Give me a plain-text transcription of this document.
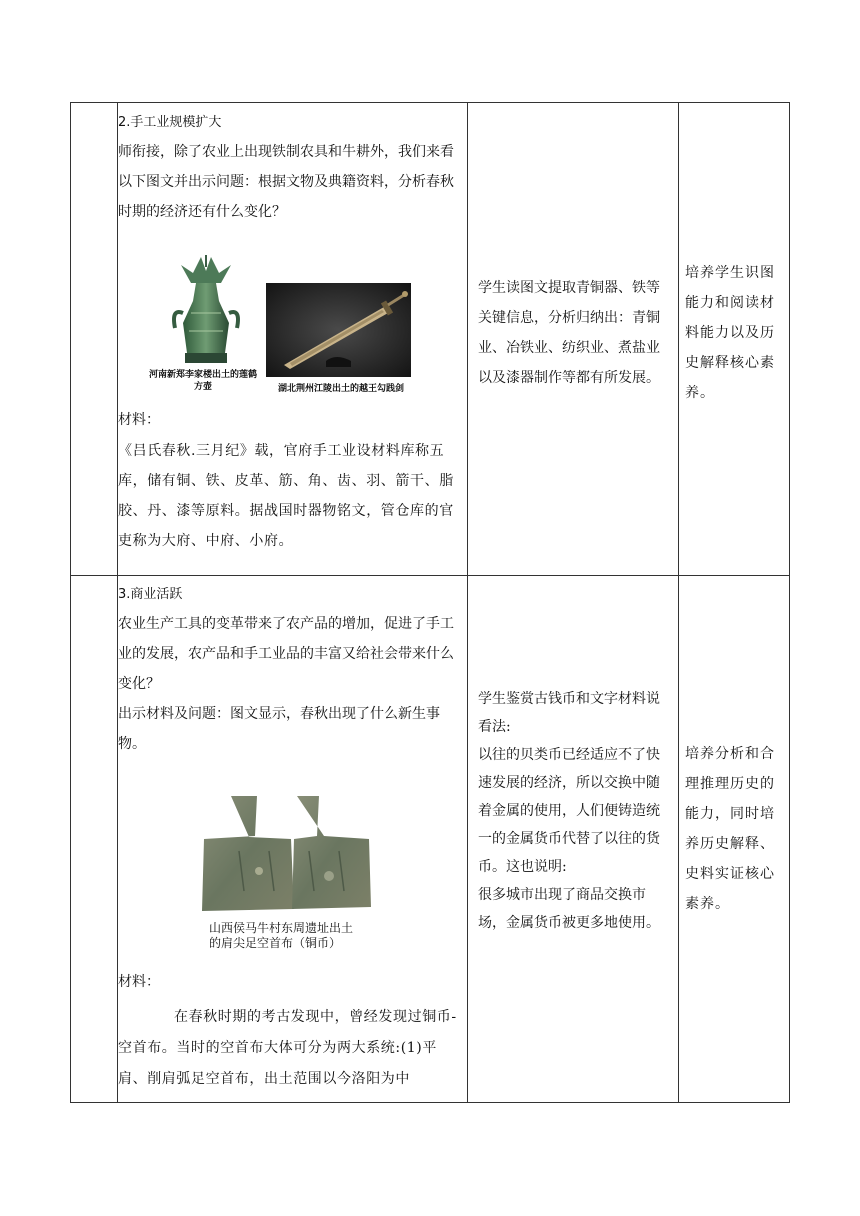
2.手工业规模扩大

师衔接，除了农业上出现铁制农具和牛耕外，我们来看以下图文并出示问题：根据文物及典籍资料，分析春秋时期的经济还有什么变化？

河南新郑李家楼出土的莲鹤方壶	湖北荆州江陵出土的越王勾践剑

材料：

《吕氏春秋.三月纪》载，官府手工业设材料库称五库，储有铜、铁、皮革、筋、角、齿、羽、箭干、脂胶、丹、漆等原料。据战国时器物铭文，管仓库的官吏称为大府、中府、小府。

学生读图文提取青铜器、铁等关键信息，分析归纳出：青铜业、冶铁业、纺织业、煮盐业以及漆器制作等都有所发展。
培养学生识图能力和阅读材料能力以及历史解释核心素养。

3.商业活跃

农业生产工具的变革带来了农产品的增加，促进了手工业的发展，农产品和手工业品的丰富又给社会带来什么变化？

出示材料及问题：图文显示，春秋出现了什么新生事物。

山西侯马牛村东周遗址出土
的肩尖足空首布（铜币）

材料：

在春秋时期的考古发现中，曾经发现过铜币-空首布。当时的空首布大体可分为两大系统:(1)平肩、削肩弧足空首布，出土范围以今洛阳为中

学生鉴赏古钱币和文字材料说看法:

以往的贝类币已经适应不了快速发展的经济，所以交换中随着金属的使用，人们便铸造统一的金属货币代替了以往的货币。这也说明:

很多城市出现了商品交换市场，金属货币被更多地使用。

培养分析和合理推理历史的能力，同时培养历史解释、史料实证核心素养。
